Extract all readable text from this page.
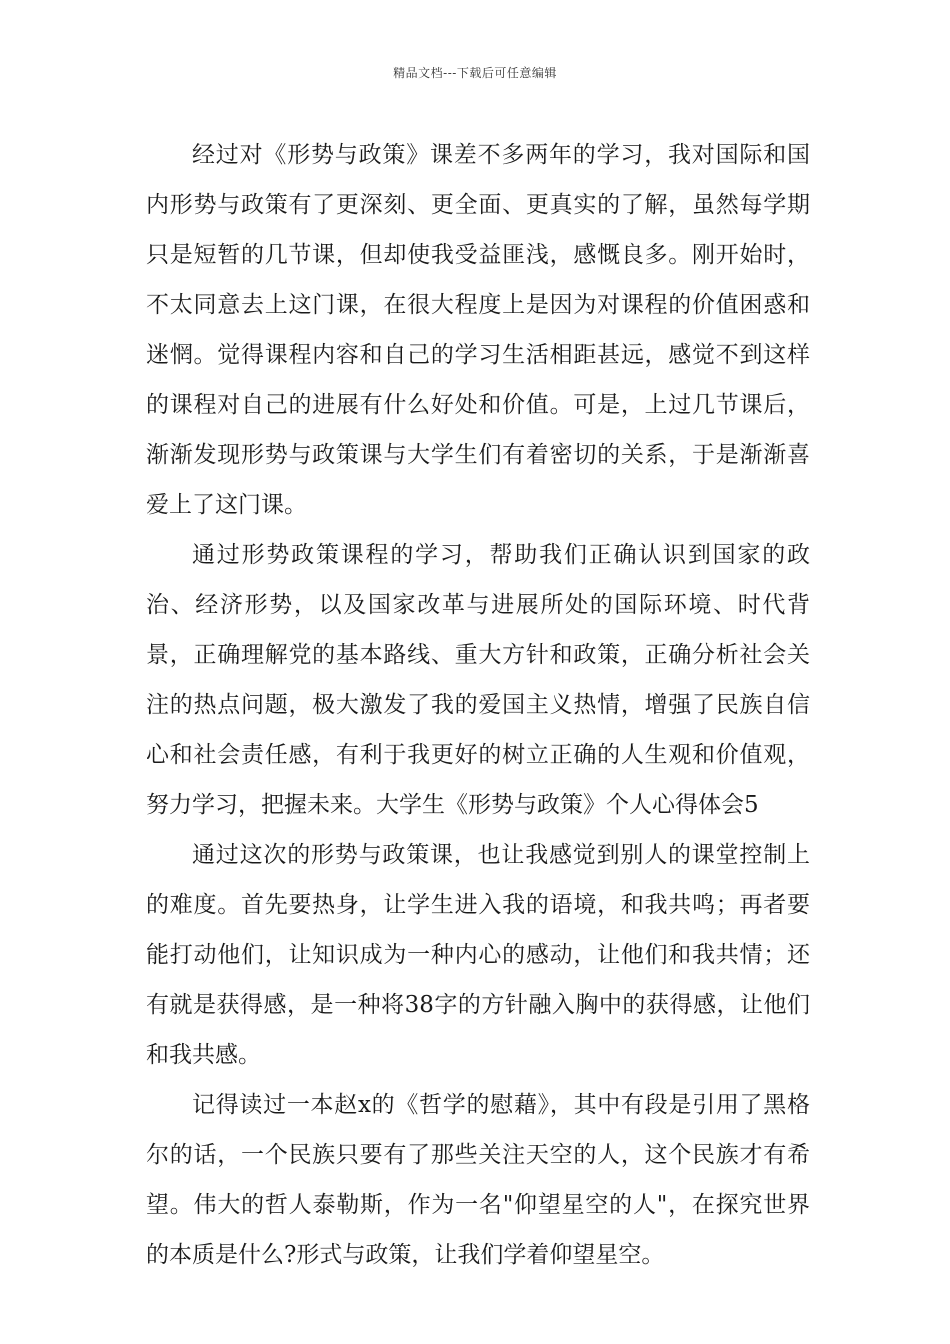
精品文档---下载后可任意编辑

经过对《形势与政策》课差不多两年的学习，我对国际和国内形势与政策有了更深刻、更全面、更真实的了解，虽然每学期只是短暂的几节课，但却使我受益匪浅，感慨良多。刚开始时，不太同意去上这门课，在很大程度上是因为对课程的价值困惑和迷惘。觉得课程内容和自己的学习生活相距甚远，感觉不到这样的课程对自己的进展有什么好处和价值。可是，上过几节课后，渐渐发现形势与政策课与大学生们有着密切的关系，于是渐渐喜爱上了这门课。

通过形势政策课程的学习，帮助我们正确认识到国家的政治、经济形势，以及国家改革与进展所处的国际环境、时代背景，正确理解党的基本路线、重大方针和政策，正确分析社会关注的热点问题，极大激发了我的爱国主义热情，增强了民族自信心和社会责任感，有利于我更好的树立正确的人生观和价值观，努力学习，把握未来。大学生《形势与政策》个人心得体会5

通过这次的形势与政策课，也让我感觉到别人的课堂控制上的难度。首先要热身，让学生进入我的语境，和我共鸣；再者要能打动他们，让知识成为一种内心的感动，让他们和我共情；还有就是获得感，是一种将38字的方针融入胸中的获得感，让他们和我共感。

记得读过一本赵x的《哲学的慰藉》，其中有段是引用了黑格尔的话，一个民族只要有了那些关注天空的人，这个民族才有希望。伟大的哲人泰勒斯，作为一名"仰望星空的人"，在探究世界的本质是什么?形式与政策，让我们学着仰望星空。
